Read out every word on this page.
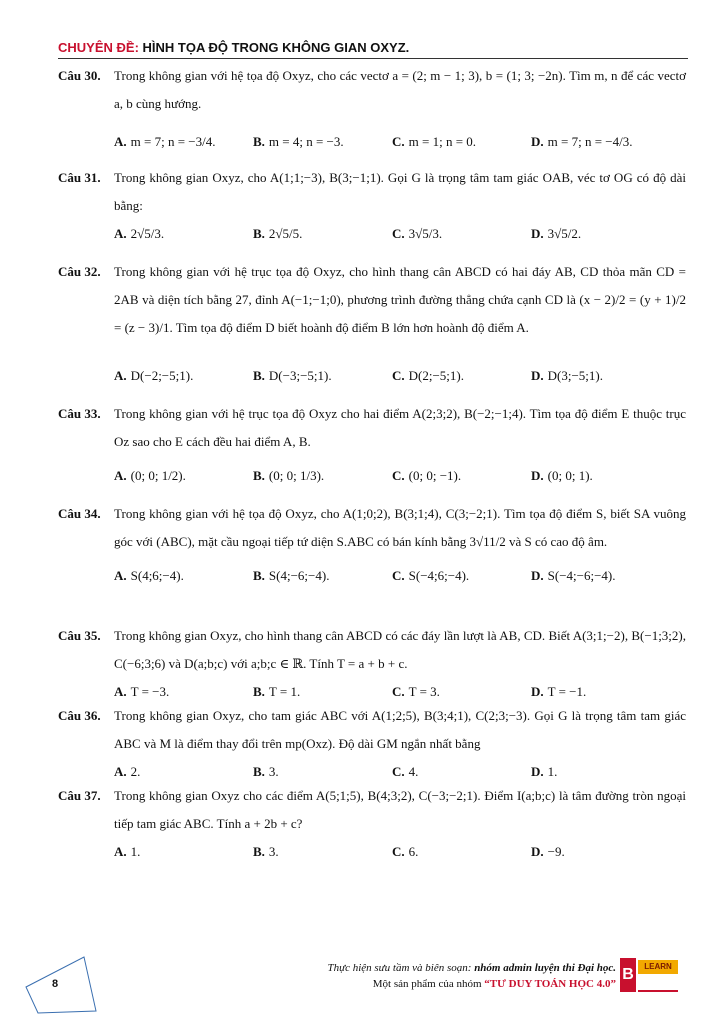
CHUYÊN ĐỀ: HÌNH TỌA ĐỘ TRONG KHÔNG GIAN OXYZ.
Câu 30.	Trong không gian với hệ tọa độ Oxyz, cho các vectơ a = (2; m − 1; 3), b = (1; 3; −2n). Tìm m, n để các vectơ a, b cùng hướng.
A. m = 7; n = −3/4.	B. m = 4; n = −3.	C. m = 1; n = 0.	D. m = 7; n = −4/3.
Câu 31.	Trong không gian Oxyz, cho A(1;1;−3), B(3;−1;1). Gọi G là trọng tâm tam giác OAB, véc tơ OG có độ dài bằng:
A. 2√5/3.	B. 2√5/5.	C. 3√5/3.	D. 3√5/2.
Câu 32.	Trong không gian với hệ trục tọa độ Oxyz, cho hình thang cân ABCD có hai đáy AB, CD thỏa mãn CD = 2AB và diện tích bằng 27, đỉnh A(−1;−1;0), phương trình đường thẳng chứa cạnh CD là (x − 2)/2 = (y + 1)/2 = (z − 3)/1. Tìm tọa độ điểm D biết hoành độ điểm B lớn hơn hoành độ điểm A.
A. D(−2;−5;1).	B. D(−3;−5;1).	C. D(2;−5;1).	D. D(3;−5;1).
Câu 33.	Trong không gian với hệ trục tọa độ Oxyz cho hai điểm A(2;3;2), B(−2;−1;4). Tìm tọa độ điểm E thuộc trục Oz sao cho E cách đều hai điểm A, B.
A. (0; 0; 1/2).	B. (0; 0; 1/3).	C. (0; 0; −1).	D. (0; 0; 1).
Câu 34.	Trong không gian với hệ tọa độ Oxyz, cho A(1;0;2), B(3;1;4), C(3;−2;1). Tìm tọa độ điểm S, biết SA vuông góc với (ABC), mặt cầu ngoại tiếp tứ diện S.ABC có bán kính bằng 3√11/2 và S có cao độ âm.
A. S(4;6;−4).	B. S(4;−6;−4).	C. S(−4;6;−4).	D. S(−4;−6;−4).
Câu 35.	Trong không gian Oxyz, cho hình thang cân ABCD có các đáy lần lượt là AB, CD. Biết A(3;1;−2), B(−1;3;2), C(−6;3;6) và D(a;b;c) với a;b;c ∈ ℝ. Tính T = a + b + c.
A. T = −3.	B. T = 1.	C. T = 3.	D. T = −1.
Câu 36.	Trong không gian Oxyz, cho tam giác ABC với A(1;2;5), B(3;4;1), C(2;3;−3). Gọi G là trọng tâm tam giác ABC và M là điểm thay đổi trên mp(Oxz). Độ dài GM ngắn nhất bằng
A. 2.	B. 3.	C. 4.	D. 1.
Câu 37.	Trong không gian Oxyz cho các điểm A(5;1;5), B(4;3;2), C(−3;−2;1). Điểm I(a;b;c) là tâm đường tròn ngoại tiếp tam giác ABC. Tính a + 2b + c?
A. 1.	B. 3.	C. 6.	D. −9.
8
Thực hiện sưu tầm và biên soạn: nhóm admin luyện thi Đại học.
Một sản phẩm của nhóm “TƯ DUY TOÁN HỌC 4.0”
B	LEARN
